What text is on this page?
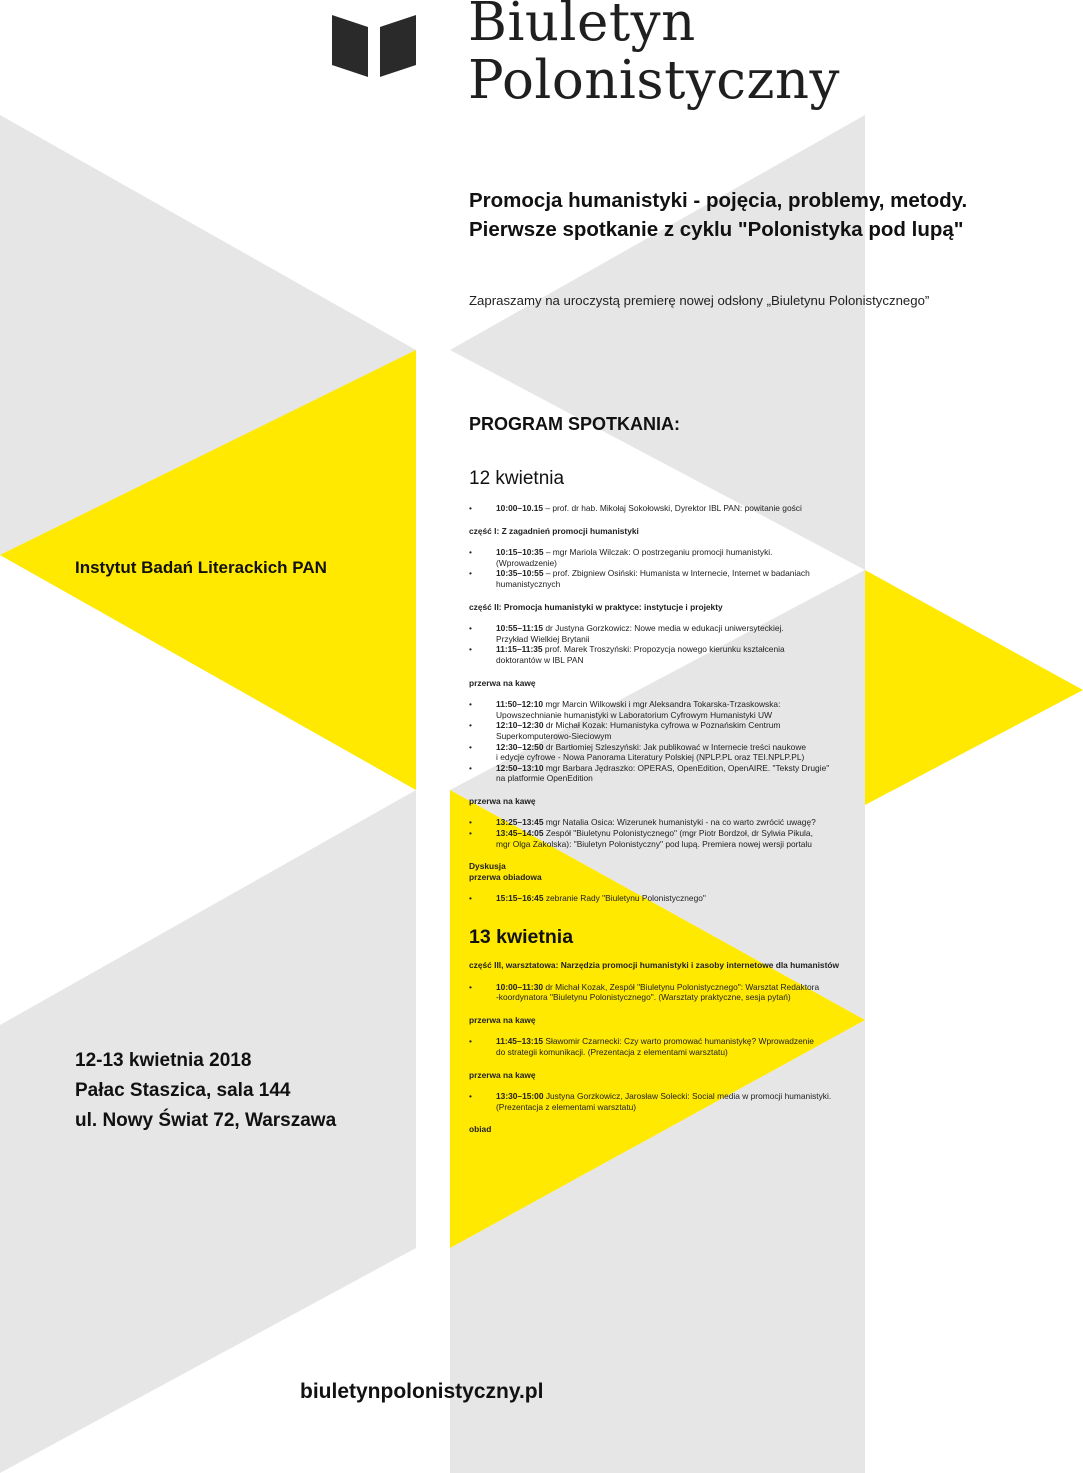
Biuletyn
Polonistyczny
Promocja humanistyki - pojęcia, problemy, metody.
Pierwsze spotkanie z cyklu "Polonistyka pod lupą"
Zapraszamy na uroczystą premierę nowej odsłony „Biuletynu Polonistycznego”
PROGRAM SPOTKANIA:
12 kwietnia
• 10:00–10.15 – prof. dr hab. Mikołaj Sokołowski, Dyrektor IBL PAN: powitanie gości
część I: Z zagadnień promocji humanistyki
• 10:15–10:35 – mgr Mariola Wilczak: O postrzeganiu promocji humanistyki.
(Wprowadzenie)
• 10:35–10:55 – prof. Zbigniew Osiński: Humanista w Internecie, Internet w badaniach
humanistycznych
część II: Promocja humanistyki w praktyce: instytucje i projekty
• 10:55–11:15 dr Justyna Gorzkowicz: Nowe media w edukacji uniwersyteckiej.
Przykład Wielkiej Brytanii
• 11:15–11:35 prof. Marek Troszyński: Propozycja nowego kierunku kształcenia
doktorantów w IBL PAN
przerwa na kawę
• 11:50–12:10 mgr Marcin Wilkowski i mgr Aleksandra Tokarska-Trzaskowska:
Upowszechnianie humanistyki w Laboratorium Cyfrowym Humanistyki UW
• 12:10–12:30 dr Michał Kozak: Humanistyka cyfrowa w Poznańskim Centrum
Superkomputerowo-Sieciowym
• 12:30–12:50 dr Bartłomiej Szleszyński: Jak publikować w Internecie treści naukowe
i edycje cyfrowe - Nowa Panorama Literatury Polskiej (NPLP.PL oraz TEI.NPLP.PL)
• 12:50–13:10 mgr Barbara Jędraszko: OPERAS, OpenEdition, OpenAIRE. "Teksty Drugie"
na platformie OpenEdition
przerwa na kawę
• 13:25–13:45 mgr Natalia Osica: Wizerunek humanistyki - na co warto zwrócić uwagę?
• 13:45–14:05 Zespół "Biuletynu Polonistycznego" (mgr Piotr Bordzoł, dr Sylwia Pikula,
mgr Olga Zakolska): "Biuletyn Polonistyczny" pod lupą. Premiera nowej wersji portalu
Dyskusja
przerwa obiadowa
• 15:15–16:45 zebranie Rady "Biuletynu Polonistycznego"
13 kwietnia
część III, warsztatowa: Narzędzia promocji humanistyki i zasoby internetowe dla humanistów
• 10:00–11:30 dr Michał Kozak, Zespół "Biuletynu Polonistycznego": Warsztat Redaktora
-koordynatora "Biuletynu Polonistycznego". (Warsztaty praktyczne, sesja pytań)
przerwa na kawę
• 11:45–13:15 Sławomir Czarnecki: Czy warto promować humanistykę? Wprowadzenie
do strategii komunikacji. (Prezentacja z elementami warsztatu)
przerwa na kawę
• 13:30–15:00 Justyna Gorzkowicz, Jarosław Solecki: Social media w promocji humanistyki.
(Prezentacja z elementami warsztatu)
obiad
Instytut Badań Literackich PAN
12-13 kwietnia 2018
Pałac Staszica, sala 144
ul. Nowy Świat 72, Warszawa
biuletynpolonistyczny.pl
